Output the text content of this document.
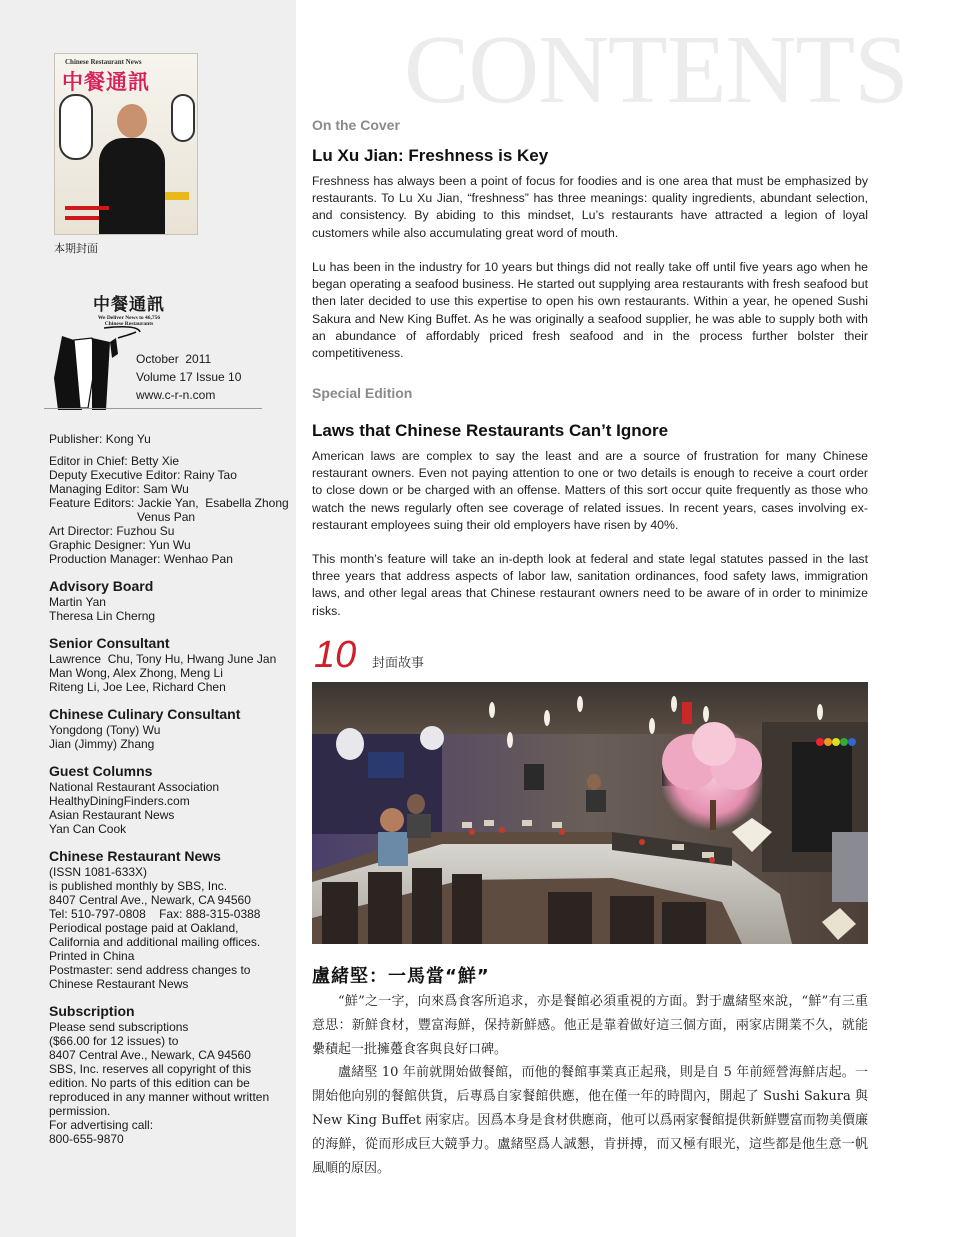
Chinese Restaurant News
中餐通訊
本期封面
中餐通訊
We Deliver News to 46,756
Chinese Restaurants
October  2011
Volume 17 Issue 10
www.c-r-n.com
Publisher: Kong Yu
Editor in Chief: Betty Xie
Deputy Executive Editor: Rainy Tao
Managing Editor: Sam Wu
Feature Editors: Jackie Yan,  Esabella Zhong
Venus Pan
Art Director: Fuzhou Su
Graphic Designer: Yun Wu
Production Manager: Wenhao Pan
Advisory Board
Martin Yan
Theresa Lin Cherng
Senior Consultant
Lawrence  Chu, Tony Hu, Hwang June Jan
Man Wong, Alex Zhong, Meng Li
Riteng Li, Joe Lee, Richard Chen
Chinese Culinary Consultant
Yongdong (Tony) Wu
Jian (Jimmy) Zhang
Guest Columns
National Restaurant Association
HealthyDiningFinders.com
Asian Restaurant News
Yan Can Cook
Chinese Restaurant News
(ISSN 1081-633X)
is published monthly by SBS, Inc.
8407 Central Ave., Newark, CA 94560
Tel: 510-797-0808    Fax: 888-315-0388
Periodical postage paid at Oakland,
California and additional mailing offices.
Printed in China
Postmaster: send address changes to
Chinese Restaurant News
Subscription
Please send subscriptions
($66.00 for 12 issues) to
8407 Central Ave., Newark, CA 94560
SBS, Inc. reserves all copyright of this
edition. No parts of this edition can be
reproduced in any manner without written
permission.
For advertising call:
800-655-9870
CONTENTS
On the Cover
Lu Xu Jian: Freshness is Key
Freshness has always been a point of focus for foodies and is one area that must be emphasized by restaurants. To Lu Xu Jian, “freshness” has three meanings: quality ingredients, abundant selection, and consistency. By abiding to this mindset, Lu’s restaurants have attracted a legion of loyal customers while also accumulating great word of mouth.
Lu has been in the industry for 10 years but things did not really take off until five years ago when he began operating a seafood business. He started out supplying area restaurants with fresh seafood but then later decided to use this expertise to open his own restaurants. Within a year, he opened Sushi Sakura and New King Buffet. As he was originally a seafood supplier, he was able to supply both with an abundance of affordably priced fresh seafood and in the process further bolster their competitiveness.
Special Edition
Laws that Chinese Restaurants Can’t Ignore
American laws are complex to say the least and are a source of frustration for many Chinese restaurant owners. Even not paying attention to one or two details is enough to receive a court order to close down or be charged with an offense. Matters of this sort occur quite frequently as those who watch the news regularly often see coverage of related issues. In recent years, cases involving ex-restaurant employees suing their old employers have risen by 40%.
This month’s feature will take an in-depth look at federal and state legal statutes passed in the last three years that address aspects of labor law, sanitation ordinances, food safety laws, immigration laws, and other legal areas that Chinese restaurant owners need to be aware of in order to minimize risks.
10 封面故事
盧緒堅：一馬當“鮮”
“鮮”之一字，向來爲食客所追求，亦是餐館必須重視的方面。對于盧緒堅來說，“鮮”有三重意思：新鮮食材，豐富海鮮，保持新鮮感。他正是靠着做好這三個方面，兩家店開業不久，就能纍積起一批擁躉食客與良好口碑。
盧緒堅 10 年前就開始做餐館，而他的餐館事業真正起飛，則是自 5 年前經營海鮮店起。一開始他向别的餐館供貨，后專爲自家餐館供應，他在僅一年的時間內，開起了 Sushi Sakura 與 New King Buffet 兩家店。因爲本身是食材供應商，他可以爲兩家餐館提供新鮮豐富而物美價廉的海鮮，從而形成巨大競爭力。盧緒堅爲人誠懇，肯拼搏，而又極有眼光，這些都是他生意一帆風順的原因。
